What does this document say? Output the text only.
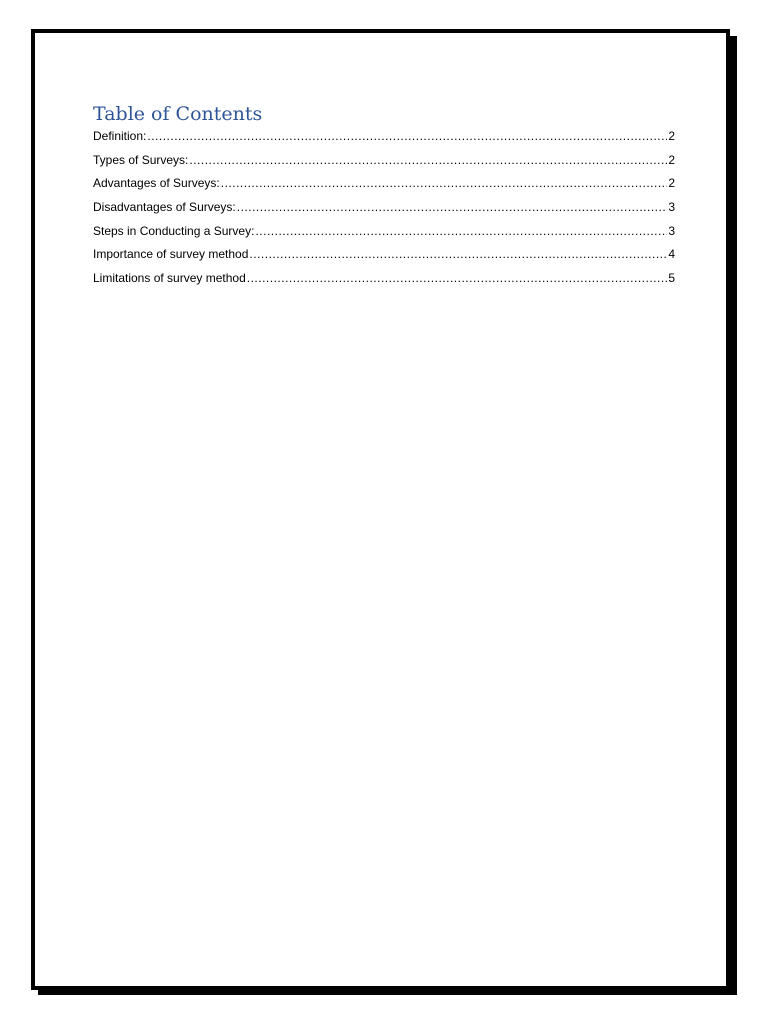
Table of Contents
Definition: .....	2
Types of Surveys: .....	2
Advantages of Surveys: .....	2
Disadvantages of Surveys: .....	3
Steps in Conducting a Survey: .....	3
Importance of survey method .....	4
Limitations of survey method .....	5
